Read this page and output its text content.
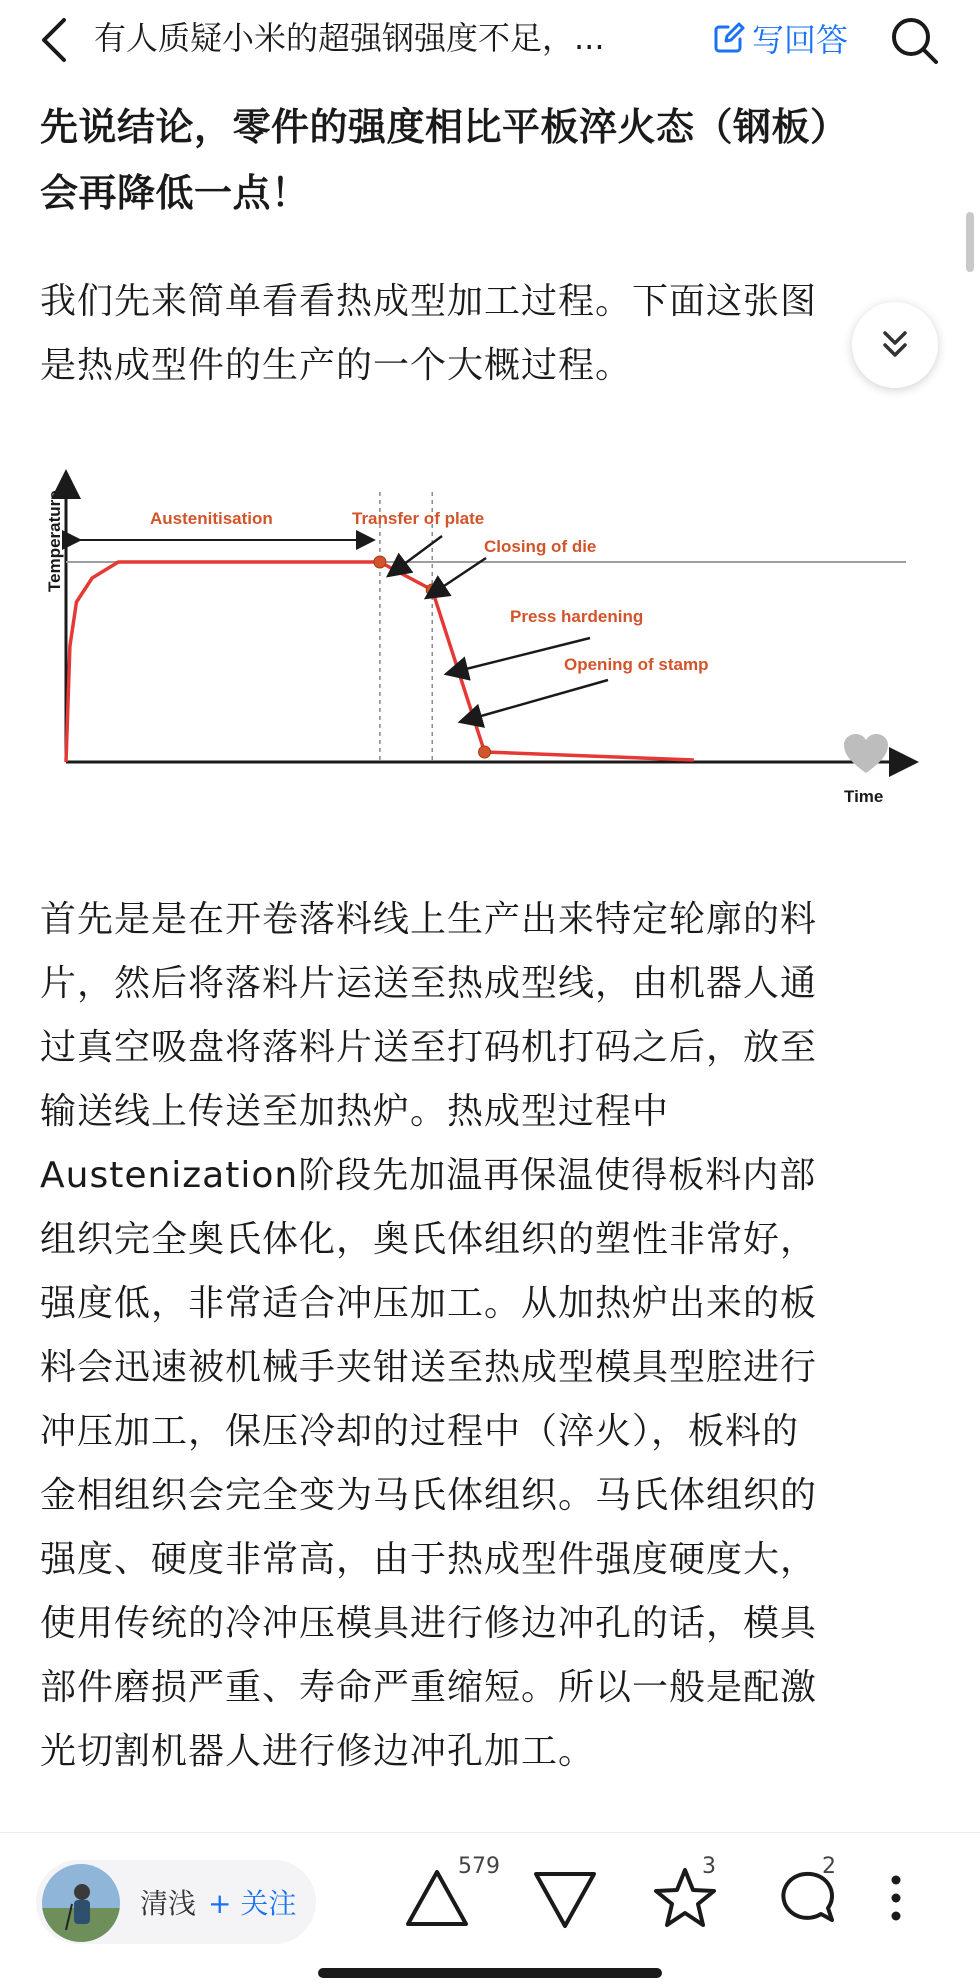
有人质疑小米的超强钢强度不足，...	写回答

先说结论，零件的强度相比平板淬火态（钢板）

会再降低一点！

我们先来简单看看热成型加工过程。下面这张图

是热成型件的生产的一个大概过程。

Temperature
Time
Austenitisation	Transfer of plate
Closing of die
Press hardening
Opening of stamp

首先是是在开卷落料线上生产出来特定轮廓的料

片，然后将落料片运送至热成型线，由机器人通

过真空吸盘将落料片送至打码机打码之后，放至

输送线上传送至加热炉。热成型过程中

Austenization阶段先加温再保温使得板料内部

组织完全奥氏体化，奥氏体组织的塑性非常好，

强度低，非常适合冲压加工。从加热炉出来的板

料会迅速被机械手夹钳送至热成型模具型腔进行

冲压加工，保压冷却的过程中（淬火），板料的

金相组织会完全变为马氏体组织。马氏体组织的

强度、硬度非常高，由于热成型件强度硬度大，

使用传统的冷冲压模具进行修边冲孔的话，模具

部件磨损严重、寿命严重缩短。所以一般是配激

光切割机器人进行修边冲孔加工。

清浅 + 关注
579	3	2
